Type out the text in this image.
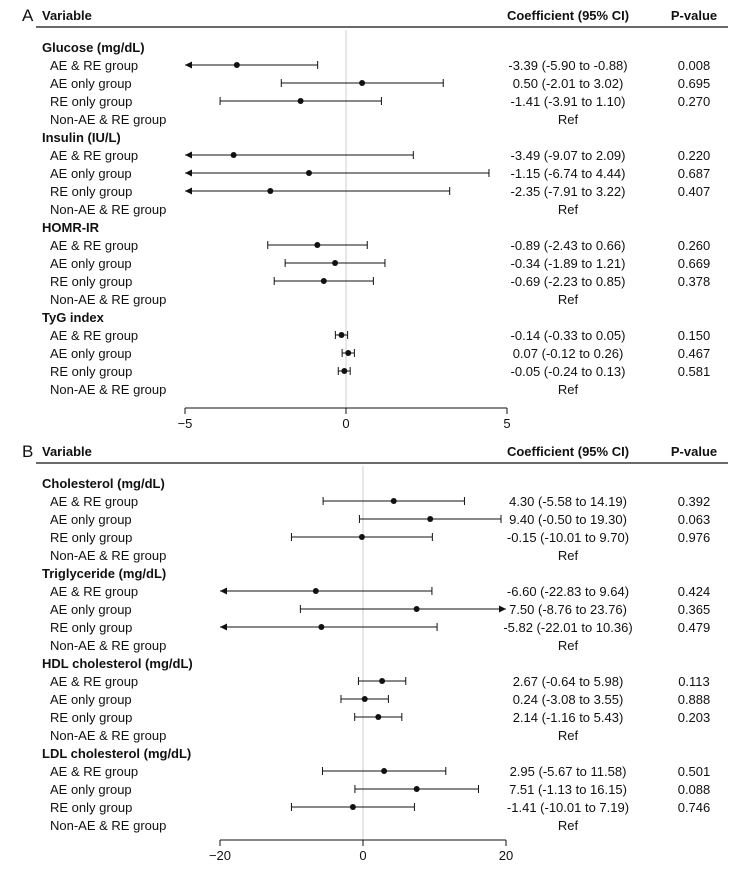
A Variable	Coefficient (95% CI)	P-value
Glucose (mg/dL)
AE & RE group	-3.39 (-5.90 to -0.88)	0.008
AE only group	0.50 (-2.01 to 3.02)	0.695
RE only group	-1.41 (-3.91 to 1.10)	0.270
Non-AE & RE group	Ref
Insulin (IU/L)
AE & RE group	-3.49 (-9.07 to 2.09)	0.220
AE only group	-1.15 (-6.74 to 4.44)	0.687
RE only group	-2.35 (-7.91 to 3.22)	0.407
Non-AE & RE group	Ref
HOMR-IR
AE & RE group	-0.89 (-2.43 to 0.66)	0.260
AE only group	-0.34 (-1.89 to 1.21)	0.669
RE only group	-0.69 (-2.23 to 0.85)	0.378
Non-AE & RE group	Ref
TyG index
AE & RE group	-0.14 (-0.33 to 0.05)	0.150
AE only group	0.07 (-0.12 to 0.26)	0.467
RE only group	-0.05 (-0.24 to 0.13)	0.581
Non-AE & RE group	Ref
−5	0	5
B Variable	Coefficient (95% CI)	P-value
Cholesterol (mg/dL)
AE & RE group	4.30 (-5.58 to 14.19)	0.392
AE only group	9.40 (-0.50 to 19.30)	0.063
RE only group	-0.15 (-10.01 to 9.70)	0.976
Non-AE & RE group	Ref
Triglyceride (mg/dL)
AE & RE group	-6.60 (-22.83 to 9.64)	0.424
AE only group	7.50 (-8.76 to 23.76)	0.365
RE only group	-5.82 (-22.01 to 10.36)	0.479
Non-AE & RE group	Ref
HDL cholesterol (mg/dL)
AE & RE group	2.67 (-0.64 to 5.98)	0.113
AE only group	0.24 (-3.08 to 3.55)	0.888
RE only group	2.14 (-1.16 to 5.43)	0.203
Non-AE & RE group	Ref
LDL cholesterol (mg/dL)
AE & RE group	2.95 (-5.67 to 11.58)	0.501
AE only group	7.51 (-1.13 to 16.15)	0.088
RE only group	-1.41 (-10.01 to 7.19)	0.746
Non-AE & RE group	Ref
−20	0	20
